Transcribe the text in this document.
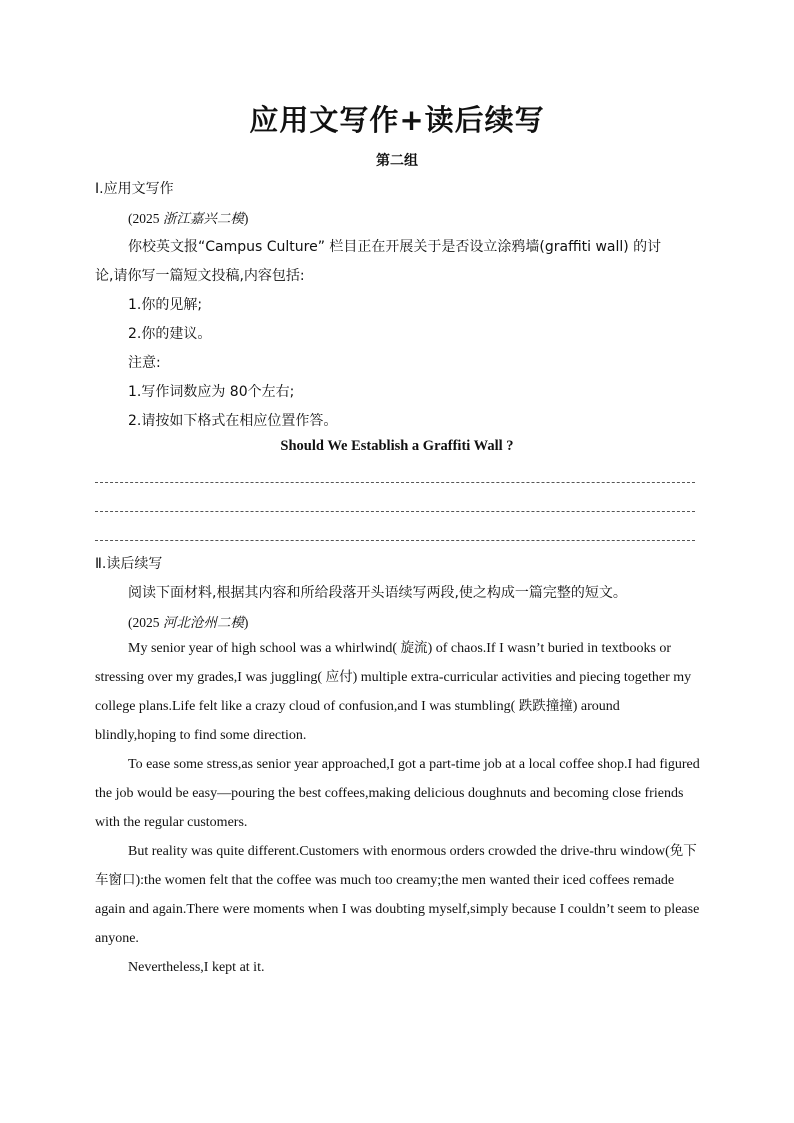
应用文写作+读后续写
第二组
Ⅰ.应用文写作
(2025 浙江嘉兴二模)
你校英文报“Campus Culture” 栏目正在开展关于是否设立涂鸦墙(graffiti wall) 的讨
论,请你写一篇短文投稿,内容包括:
1.你的见解;
2.你的建议。
注意:
1.写作词数应为 80个左右;
2.请按如下格式在相应位置作答。
Should We Establish a Graffiti Wall ?
Ⅱ.读后续写
阅读下面材料,根据其内容和所给段落开头语续写两段,使之构成一篇完整的短文。
(2025 河北沧州二模)

My senior year of high school was a whirlwind( 旋流) of chaos.If I wasn’t buried in textbooks or stressing over my grades,I was juggling( 应付) multiple extra-curricular activities and piecing together my college plans.Life felt like a crazy cloud of confusion,and I was stumbling( 跌跌撞撞) around blindly,hoping to find some direction.

To ease some stress,as senior year approached,I got a part-time job at a local coffee shop.I had figured the job would be easy—pouring the best coffees,making delicious doughnuts and becoming close friends with the regular customers.

But reality was quite different.Customers with enormous orders crowded the drive-thru window(免下车窗口):the women felt that the coffee was much too creamy;the men wanted their iced coffees remade again and again.There were moments when I was doubting myself,simply because I couldn’t seem to please anyone.

Nevertheless,I kept at it.
